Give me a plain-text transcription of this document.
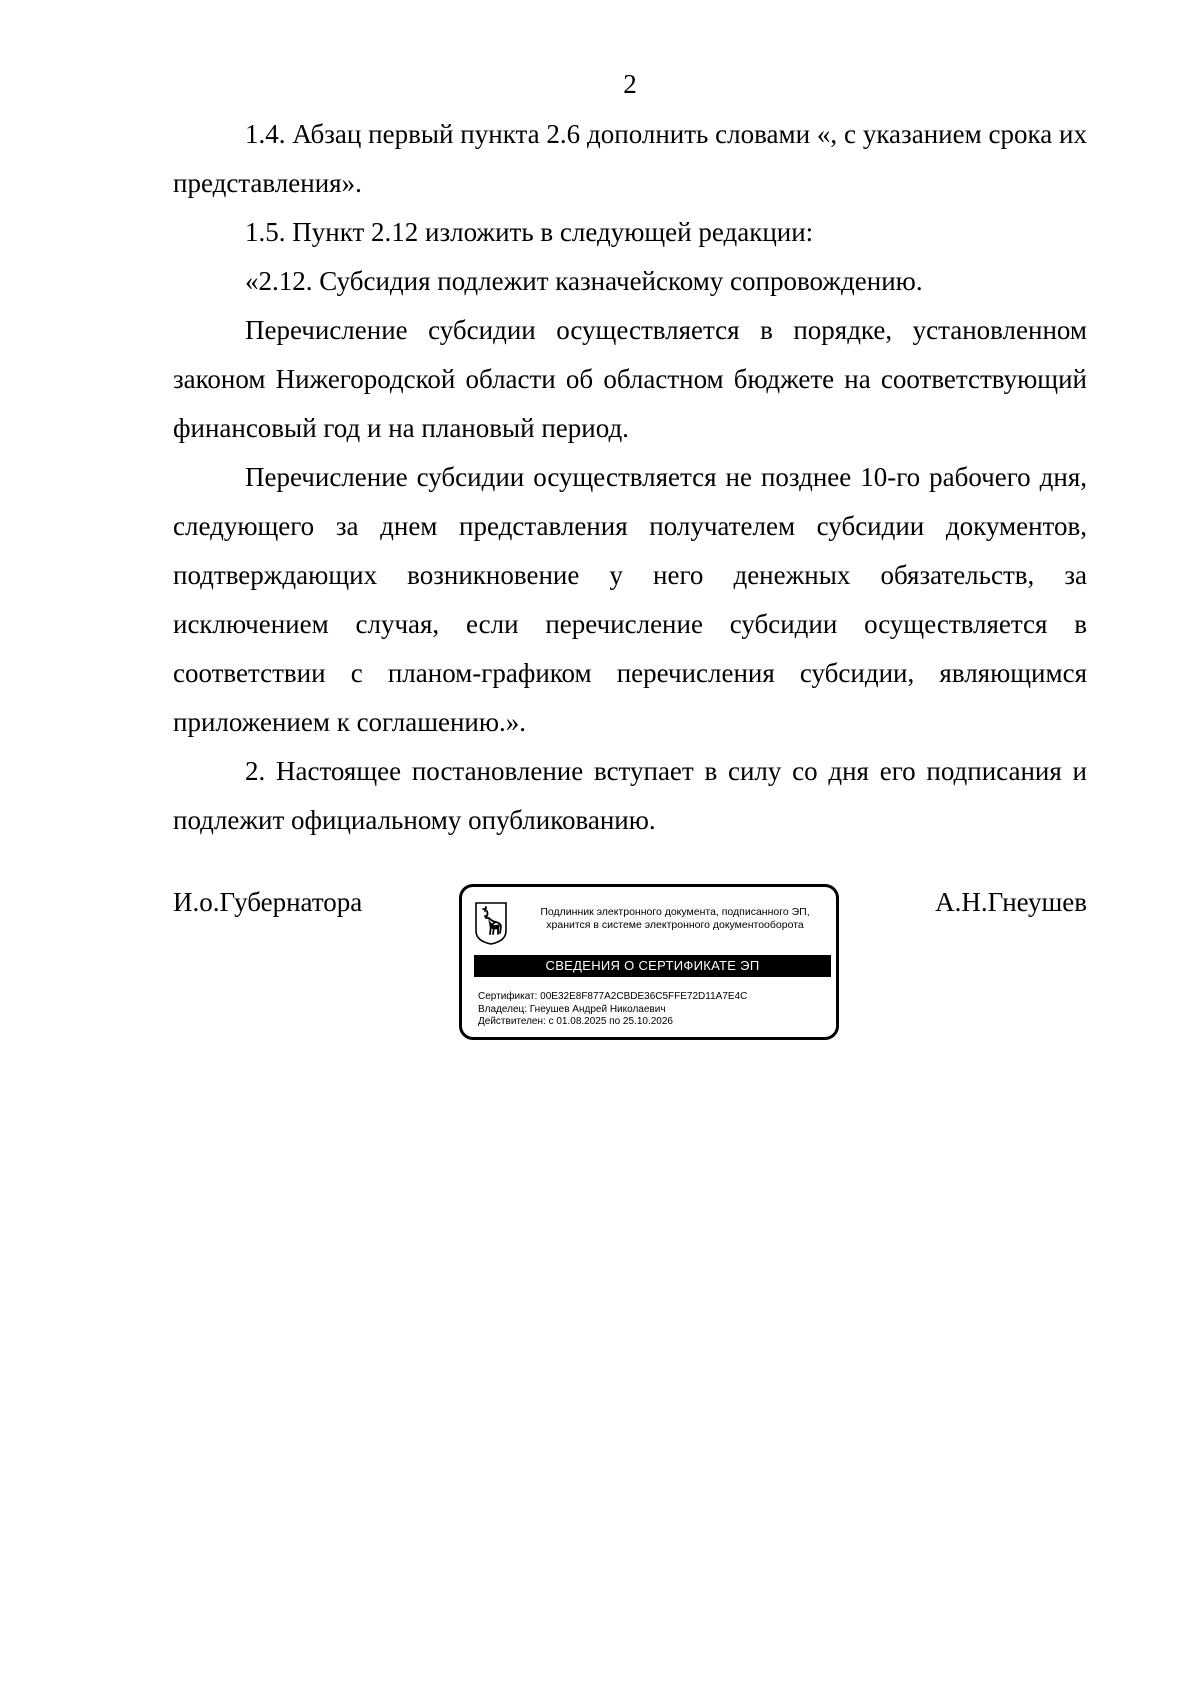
2

1.4. Абзац первый пункта 2.6 дополнить словами «, с указанием срока их представления».

1.5. Пункт 2.12 изложить в следующей редакции:

«2.12. Субсидия подлежит казначейскому сопровождению.

Перечисление субсидии осуществляется в порядке, установленном законом Нижегородской области об областном бюджете на соответствующий финансовый год и на плановый период.

Перечисление субсидии осуществляется не позднее 10-го рабочего дня, следующего за днем представления получателем субсидии документов, подтверждающих возникновение у него денежных обязательств, за исключением случая, если перечисление субсидии осуществляется в соответствии с планом-графиком перечисления субсидии, являющимся приложением к соглашению.».

2. Настоящее постановление вступает в силу со дня его подписания и подлежит официальному опубликованию.

И.о.Губернатора	А.Н.Гнеушев
Подлинник электронного документа, подписанного ЭП,
хранится в системе электронного документооборота
СВЕДЕНИЯ О СЕРТИФИКАТЕ ЭП
Сертификат: 00E32E8F877A2CBDE36C5FFE72D11A7E4C
Владелец: Гнеушев Андрей Николаевич
Действителен: с 01.08.2025 по 25.10.2026
